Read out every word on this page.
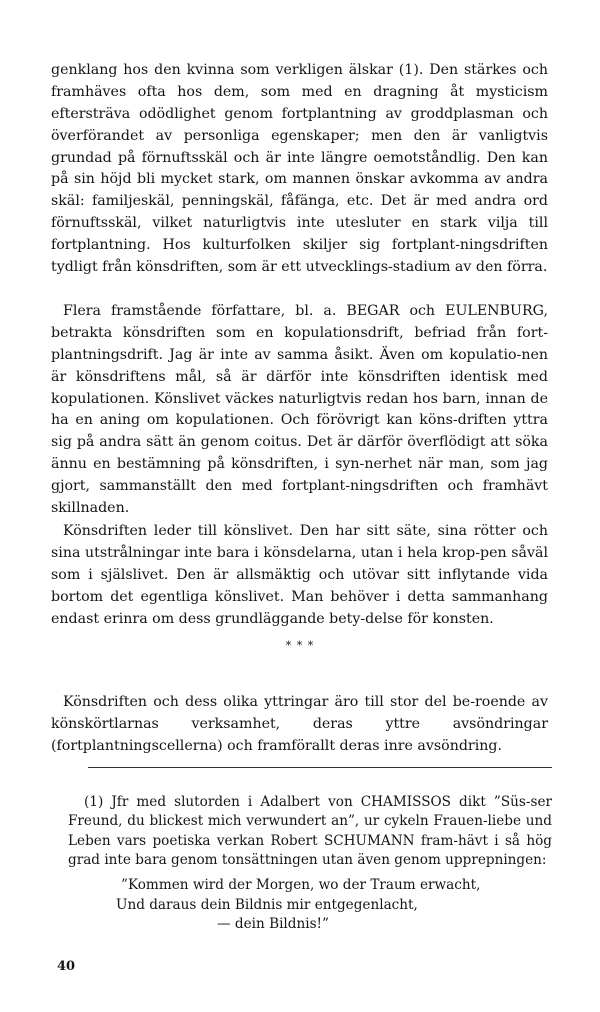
genklang hos den kvinna som verkligen älskar (1). Den stärkes och framhäves ofta hos dem, som med en dragning åt mysticism eftersträva odödlighet genom fortplantning av groddplasman och överförandet av personliga egenskaper; men den är vanligtvis grundad på förnuftsskäl och är inte längre oemotståndlig. Den kan på sin höjd bli mycket stark, om mannen önskar avkomma av andra skäl: familjeskäl, penningskäl, fåfänga, etc. Det är med andra ord förnuftsskäl, vilket naturligtvis inte utesluter en stark vilja till fortplantning. Hos kulturfolken skiljer sig fortplant-ningsdriften tydligt från könsdriften, som är ett utvecklings-stadium av den förra.

Flera framstående författare, bl. a. BEGAR och EULENBURG, betrakta könsdriften som en kopulationsdrift, befriad från fort-plantningsdrift. Jag är inte av samma åsikt. Även om kopulatio-nen är könsdriftens mål, så är därför inte könsdriften identisk med kopulationen. Könslivet väckes naturligtvis redan hos barn, innan de ha en aning om kopulationen. Och förövrigt kan köns-driften yttra sig på andra sätt än genom coitus. Det är därför överflödigt att söka ännu en bestämning på könsdriften, i syn-nerhet när man, som jag gjort, sammanställt den med fortplant-ningsdriften och framhävt skillnaden.

Könsdriften leder till könslivet. Den har sitt säte, sina rötter och sina utstrålningar inte bara i könsdelarna, utan i hela krop-pen såväl som i själslivet. Den är allsmäktig och utövar sitt inflytande vida bortom det egentliga könslivet. Man behöver i detta sammanhang endast erinra om dess grundläggande bety-delse för konsten.

* * *

Könsdriften och dess olika yttringar äro till stor del be-roende av könskörtlarnas verksamhet, deras yttre avsöndringar (fortplantningscellerna) och framförallt deras inre avsöndring.

(1) Jfr med slutorden i Adalbert von CHAMISSOS dikt ”Süs-ser Freund, du blickest mich verwundert an”, ur cykeln Frauen-liebe und Leben vars poetiska verkan Robert SCHUMANN fram-hävt i så hög grad inte bara genom tonsättningen utan även genom upprepningen:

”Kommen wird der Morgen, wo der Traum erwacht,
Und daraus dein Bildnis mir entgegenlacht,
— dein Bildnis!”
40
